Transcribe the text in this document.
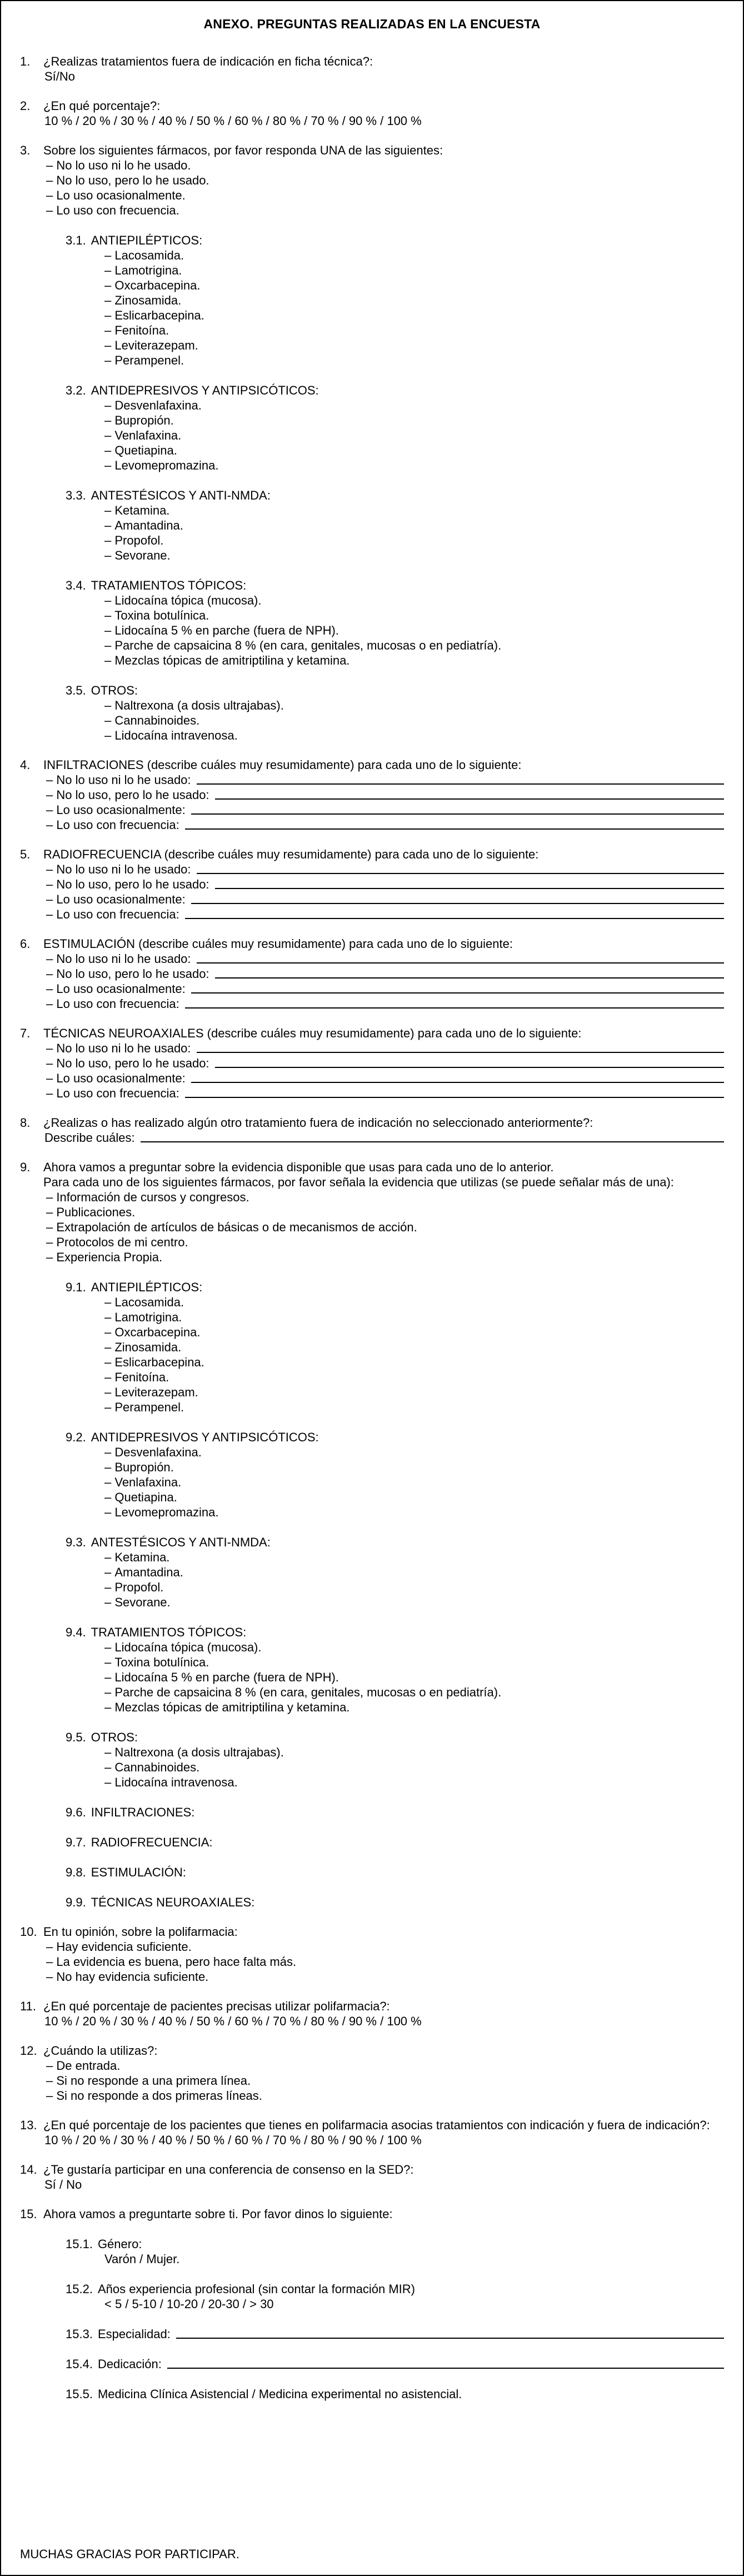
ANEXO. PREGUNTAS REALIZADAS EN LA ENCUESTA
1.	¿Realizas tratamientos fuera de indicación en ficha técnica?:
Sí/No
2.	¿En qué porcentaje?:
10 % / 20 % / 30 % / 40 % / 50 % / 60 % / 80 % / 70 % / 90 % / 100 %
3.	Sobre los siguientes fármacos, por favor responda UNA de las siguientes:
– No lo uso ni lo he usado.
– No lo uso, pero lo he usado.
– Lo uso ocasionalmente.
– Lo uso con frecuencia.
3.1. ANTIEPILÉPTICOS:
– Lacosamida.
– Lamotrigina.
– Oxcarbacepina.
– Zinosamida.
– Eslicarbacepina.
– Fenitoína.
– Leviterazepam.
– Perampenel.
3.2. ANTIDEPRESIVOS Y ANTIPSICÓTICOS:
– Desvenlafaxina.
– Bupropión.
– Venlafaxina.
– Quetiapina.
– Levomepromazina.
3.3. ANTESTÉSICOS Y ANTI-NMDA:
– Ketamina.
– Amantadina.
– Propofol.
– Sevorane.
3.4. TRATAMIENTOS TÓPICOS:
– Lidocaína tópica (mucosa).
– Toxina botulínica.
– Lidocaína 5 % en parche (fuera de NPH).
– Parche de capsaicina 8 % (en cara, genitales, mucosas o en pediatría).
– Mezclas tópicas de amitriptilina y ketamina.
3.5. OTROS:
– Naltrexona (a dosis ultrajabas).
– Cannabinoides.
– Lidocaína intravenosa.
4.	INFILTRACIONES (describe cuáles muy resumidamente) para cada uno de lo siguiente:
– No lo uso ni lo he usado:
– No lo uso, pero lo he usado:
– Lo uso ocasionalmente:
– Lo uso con frecuencia:
5.	RADIOFRECUENCIA (describe cuáles muy resumidamente) para cada uno de lo siguiente:
– No lo uso ni lo he usado:
– No lo uso, pero lo he usado:
– Lo uso ocasionalmente:
– Lo uso con frecuencia:
6.	ESTIMULACIÓN (describe cuáles muy resumidamente) para cada uno de lo siguiente:
– No lo uso ni lo he usado:
– No lo uso, pero lo he usado:
– Lo uso ocasionalmente:
– Lo uso con frecuencia:
7.	TÉCNICAS NEUROAXIALES (describe cuáles muy resumidamente) para cada uno de lo siguiente:
– No lo uso ni lo he usado:
– No lo uso, pero lo he usado:
– Lo uso ocasionalmente:
– Lo uso con frecuencia:
8.	¿Realizas o has realizado algún otro tratamiento fuera de indicación no seleccionado anteriormente?:
Describe cuáles:
9.	Ahora vamos a preguntar sobre la evidencia disponible que usas para cada uno de lo anterior.
Para cada uno de los siguientes fármacos, por favor señala la evidencia que utilizas (se puede señalar más de una):
– Información de cursos y congresos.
– Publicaciones.
– Extrapolación de artículos de básicas o de mecanismos de acción.
– Protocolos de mi centro.
– Experiencia Propia.
9.1. ANTIEPILÉPTICOS:
– Lacosamida.
– Lamotrigina.
– Oxcarbacepina.
– Zinosamida.
– Eslicarbacepina.
– Fenitoína.
– Leviterazepam.
– Perampenel.
9.2. ANTIDEPRESIVOS Y ANTIPSICÓTICOS:
– Desvenlafaxina.
– Bupropión.
– Venlafaxina.
– Quetiapina.
– Levomepromazina.
9.3. ANTESTÉSICOS Y ANTI-NMDA:
– Ketamina.
– Amantadina.
– Propofol.
– Sevorane.
9.4. TRATAMIENTOS TÓPICOS:
– Lidocaína tópica (mucosa).
– Toxina botulínica.
– Lidocaína 5 % en parche (fuera de NPH).
– Parche de capsaicina 8 % (en cara, genitales, mucosas o en pediatría).
– Mezclas tópicas de amitriptilina y ketamina.
9.5. OTROS:
– Naltrexona (a dosis ultrajabas).
– Cannabinoides.
– Lidocaína intravenosa.
9.6. INFILTRACIONES:
9.7. RADIOFRECUENCIA:
9.8. ESTIMULACIÓN:
9.9. TÉCNICAS NEUROAXIALES:
10. En tu opinión, sobre la polifarmacia:
– Hay evidencia suficiente.
– La evidencia es buena, pero hace falta más.
– No hay evidencia suficiente.
11. ¿En qué porcentaje de pacientes precisas utilizar polifarmacia?:
10 % / 20 % / 30 % / 40 % / 50 % / 60 % / 70 % / 80 % / 90 % / 100 %
12. ¿Cuándo la utilizas?:
– De entrada.
– Si no responde a una primera línea.
– Si no responde a dos primeras líneas.
13. ¿En qué porcentaje de los pacientes que tienes en polifarmacia asocias tratamientos con indicación y fuera de indicación?:
10 % / 20 % / 30 % / 40 % / 50 % / 60 % / 70 % / 80 % / 90 % / 100 %
14. ¿Te gustaría participar en una conferencia de consenso en la SED?:
Sí / No
15. Ahora vamos a preguntarte sobre ti. Por favor dinos lo siguiente:
15.1. Género:
Varón / Mujer.
15.2. Años experiencia profesional (sin contar la formación MIR)
< 5 / 5-10 / 10-20 / 20-30 / > 30
15.3. Especialidad:
15.4. Dedicación:
15.5. Medicina Clínica Asistencial / Medicina experimental no asistencial.
MUCHAS GRACIAS POR PARTICIPAR.
